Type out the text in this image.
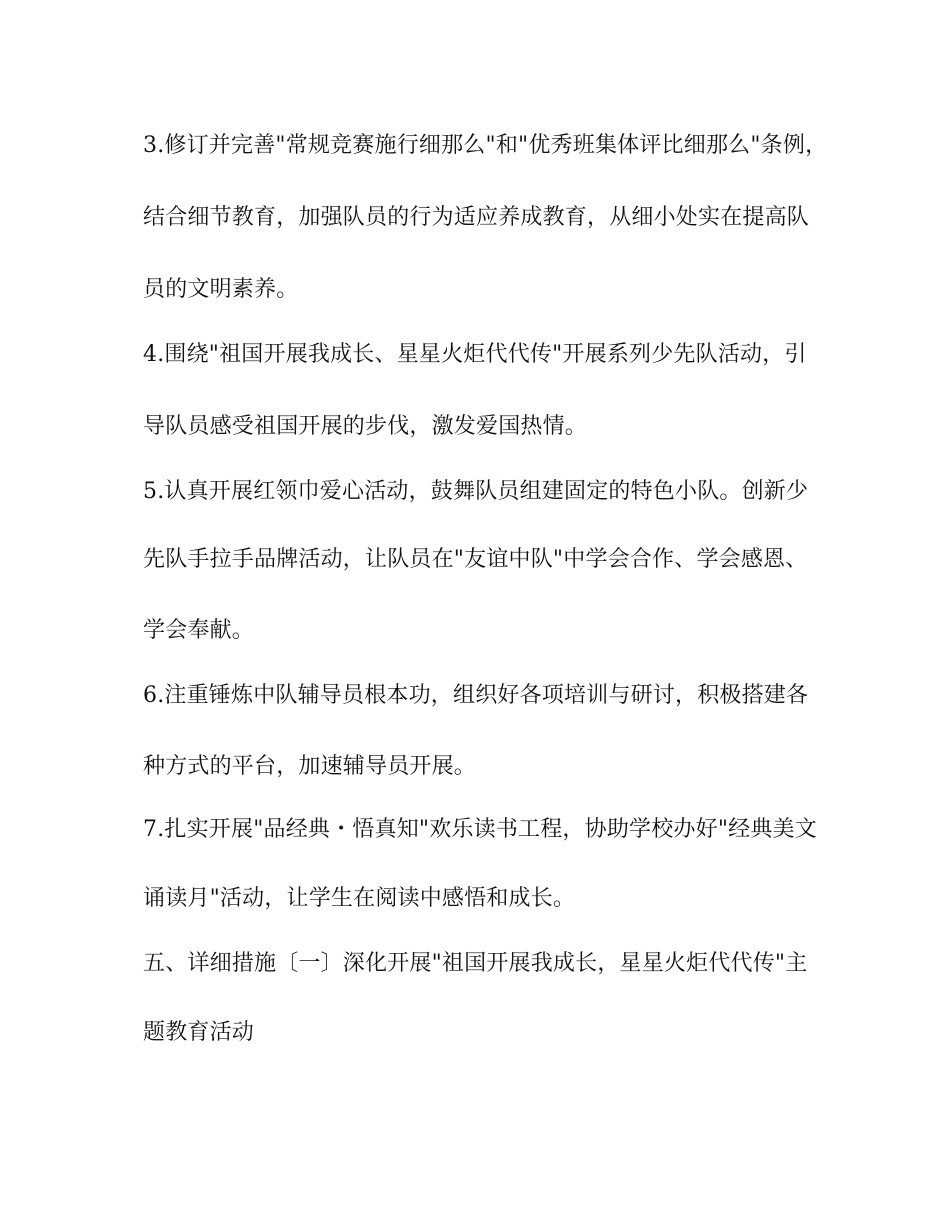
3.修订并完善"常规竞赛施行细那么"和"优秀班集体评比细那么"条例，
结合细节教育，加强队员的行为适应养成教育，从细小处实在提高队
员的文明素养。
4.围绕"祖国开展我成长、星星火炬代代传"开展系列少先队活动，引
导队员感受祖国开展的步伐，激发爱国热情。
5.认真开展红领巾爱心活动，鼓舞队员组建固定的特色小队。创新少
先队手拉手品牌活动，让队员在"友谊中队"中学会合作、学会感恩、
学会奉献。
6.注重锤炼中队辅导员根本功，组织好各项培训与研讨，积极搭建各
种方式的平台，加速辅导员开展。
7.扎实开展"品经典・悟真知"欢乐读书工程，协助学校办好"经典美文
诵读月"活动，让学生在阅读中感悟和成长。
五、详细措施〔一〕深化开展"祖国开展我成长，星星火炬代代传"主
题教育活动
